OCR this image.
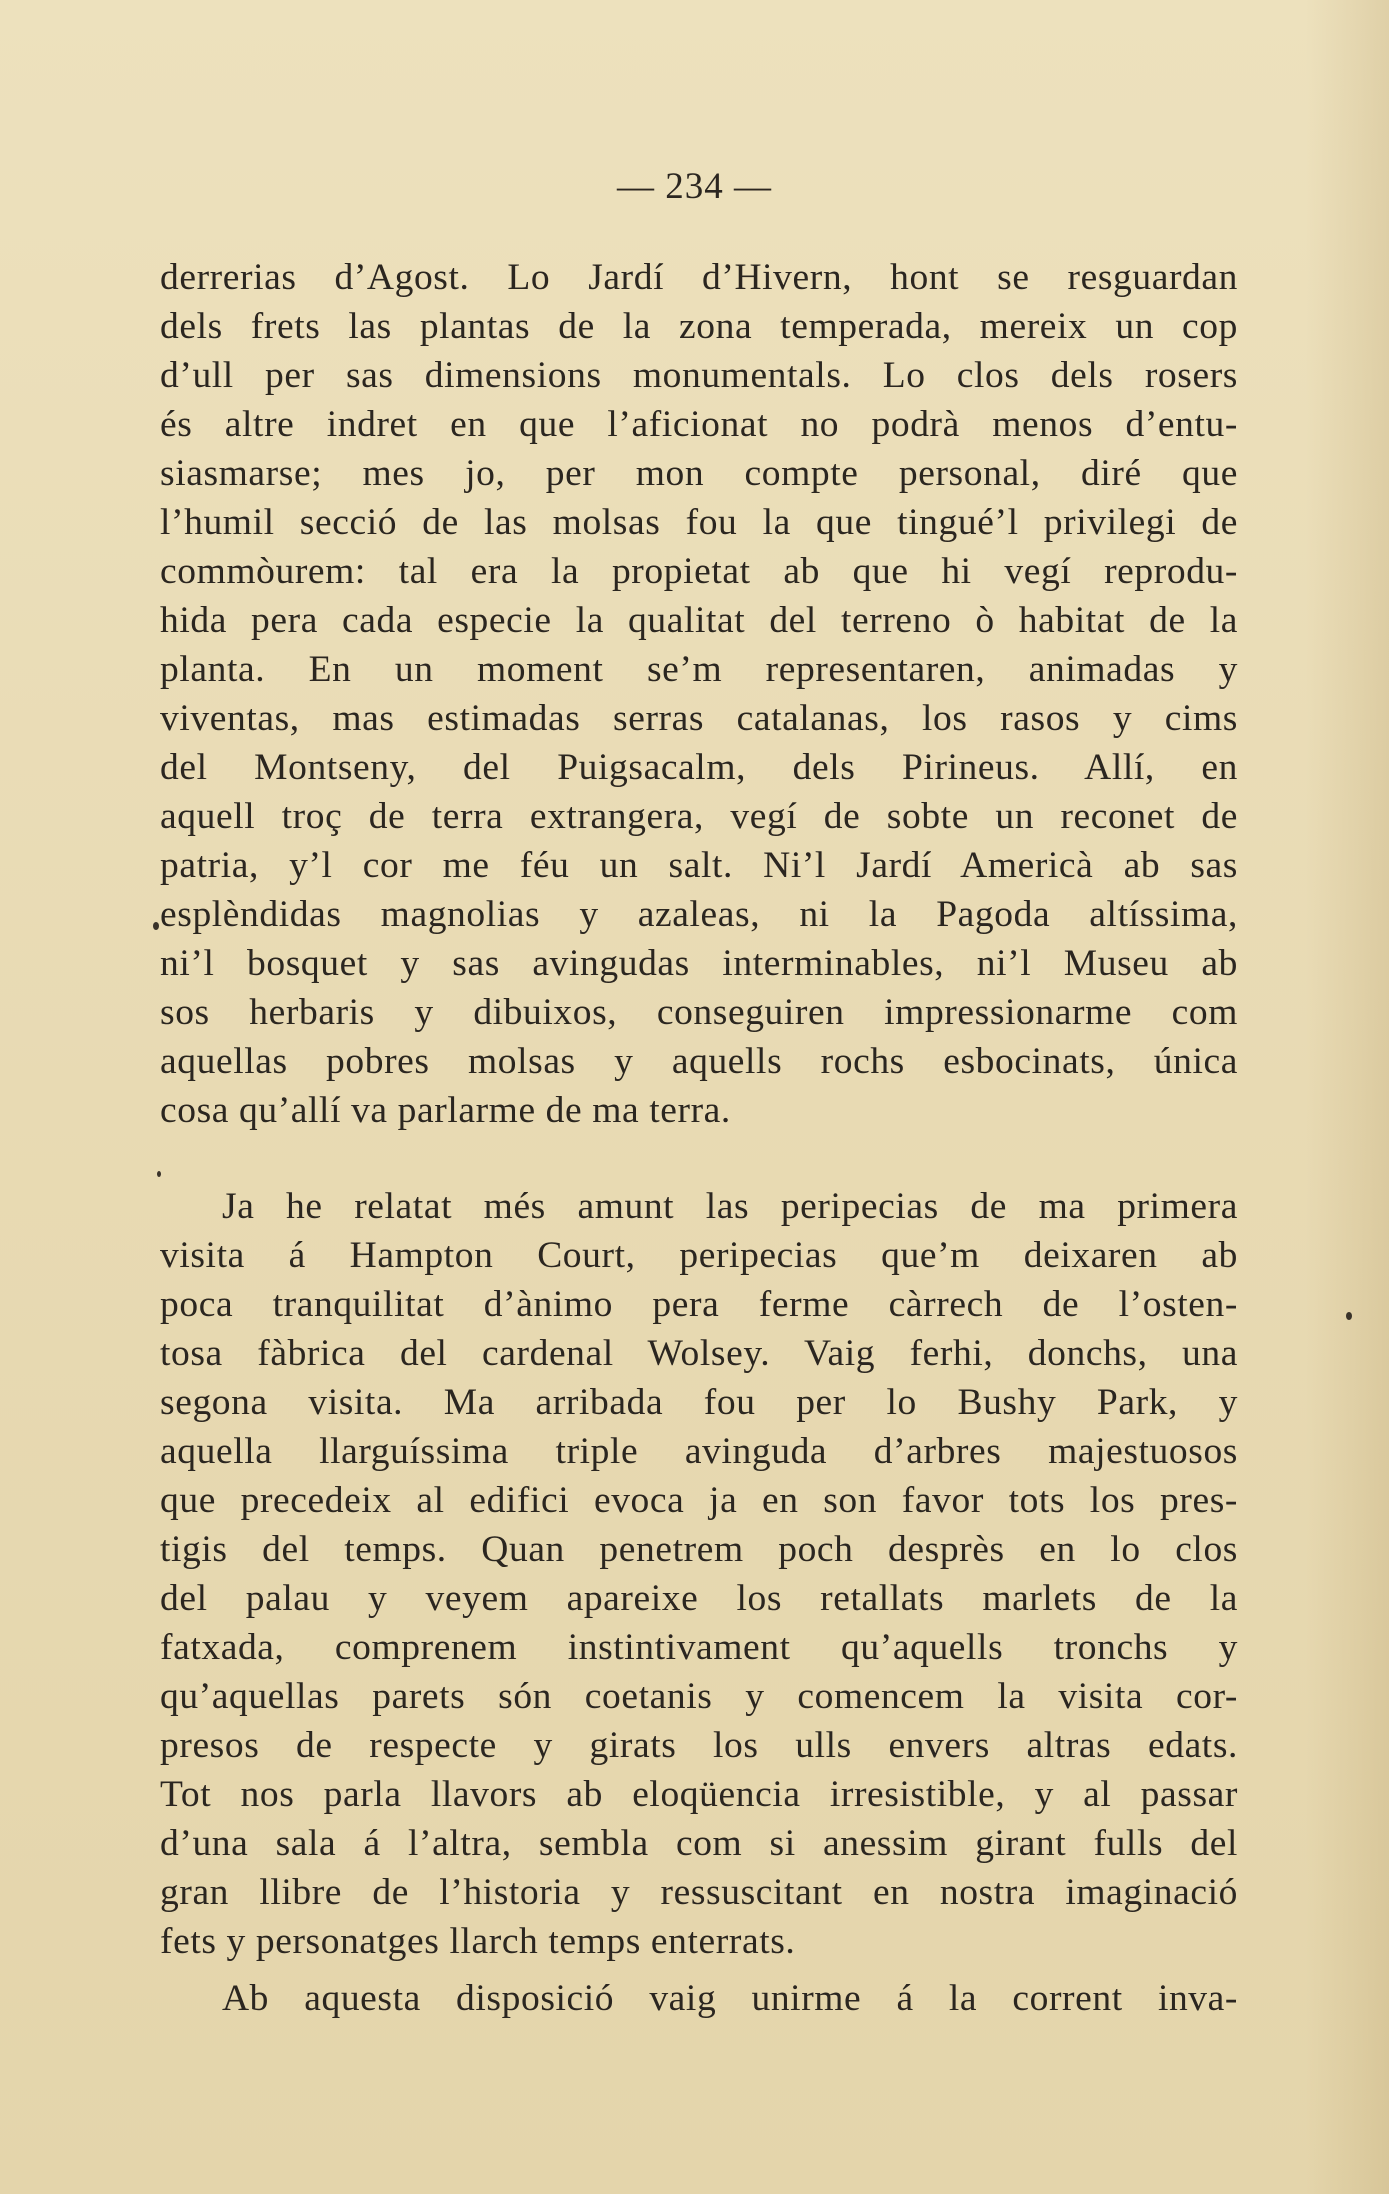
— 234 —
derrerias d’Agost. Lo Jardí d’Hivern, hont se resguardan
dels frets las plantas de la zona temperada, mereix un cop
d’ull per sas dimensions monumentals. Lo clos dels rosers
és altre indret en que l’aficionat no podrà menos d’entu-
siasmarse; mes jo, per mon compte personal, diré que
l’humil secció de las molsas fou la que tingué’l privilegi de
commòurem: tal era la propietat ab que hi vegí reprodu-
hida pera cada especie la qualitat del terreno ò habitat de la
planta. En un moment se’m representaren, animadas y
viventas, mas estimadas serras catalanas, los rasos y cims
del Montseny, del Puigsacalm, dels Pirineus. Allí, en
aquell troç de terra extrangera, vegí de sobte un reconet de
patria, y’l cor me féu un salt. Ni’l Jardí Americà ab sas
esplèndidas magnolias y azaleas, ni la Pagoda altíssima,
ni’l bosquet y sas avingudas interminables, ni’l Museu ab
sos herbaris y dibuixos, conseguiren impressionarme com
aquellas pobres molsas y aquells rochs esbocinats, única
cosa qu’allí va parlarme de ma terra.
Ja he relatat més amunt las peripecias de ma primera
visita á Hampton Court, peripecias que’m deixaren ab
poca tranquilitat d’ànimo pera ferme càrrech de l’osten-
tosa fàbrica del cardenal Wolsey. Vaig ferhi, donchs, una
segona visita. Ma arribada fou per lo Bushy Park, y
aquella llarguíssima triple avinguda d’arbres majestuosos
que precedeix al edifici evoca ja en son favor tots los pres-
tigis del temps. Quan penetrem poch desprès en lo clos
del palau y veyem apareixe los retallats marlets de la
fatxada, comprenem instintivament qu’aquells tronchs y
qu’aquellas parets són coetanis y comencem la visita cor-
presos de respecte y girats los ulls envers altras edats.
Tot nos parla llavors ab eloqüencia irresistible, y al passar
d’una sala á l’altra, sembla com si anessim girant fulls del
gran llibre de l’historia y ressuscitant en nostra imaginació
fets y personatges llarch temps enterrats.
Ab aquesta disposició vaig unirme á la corrent inva-
